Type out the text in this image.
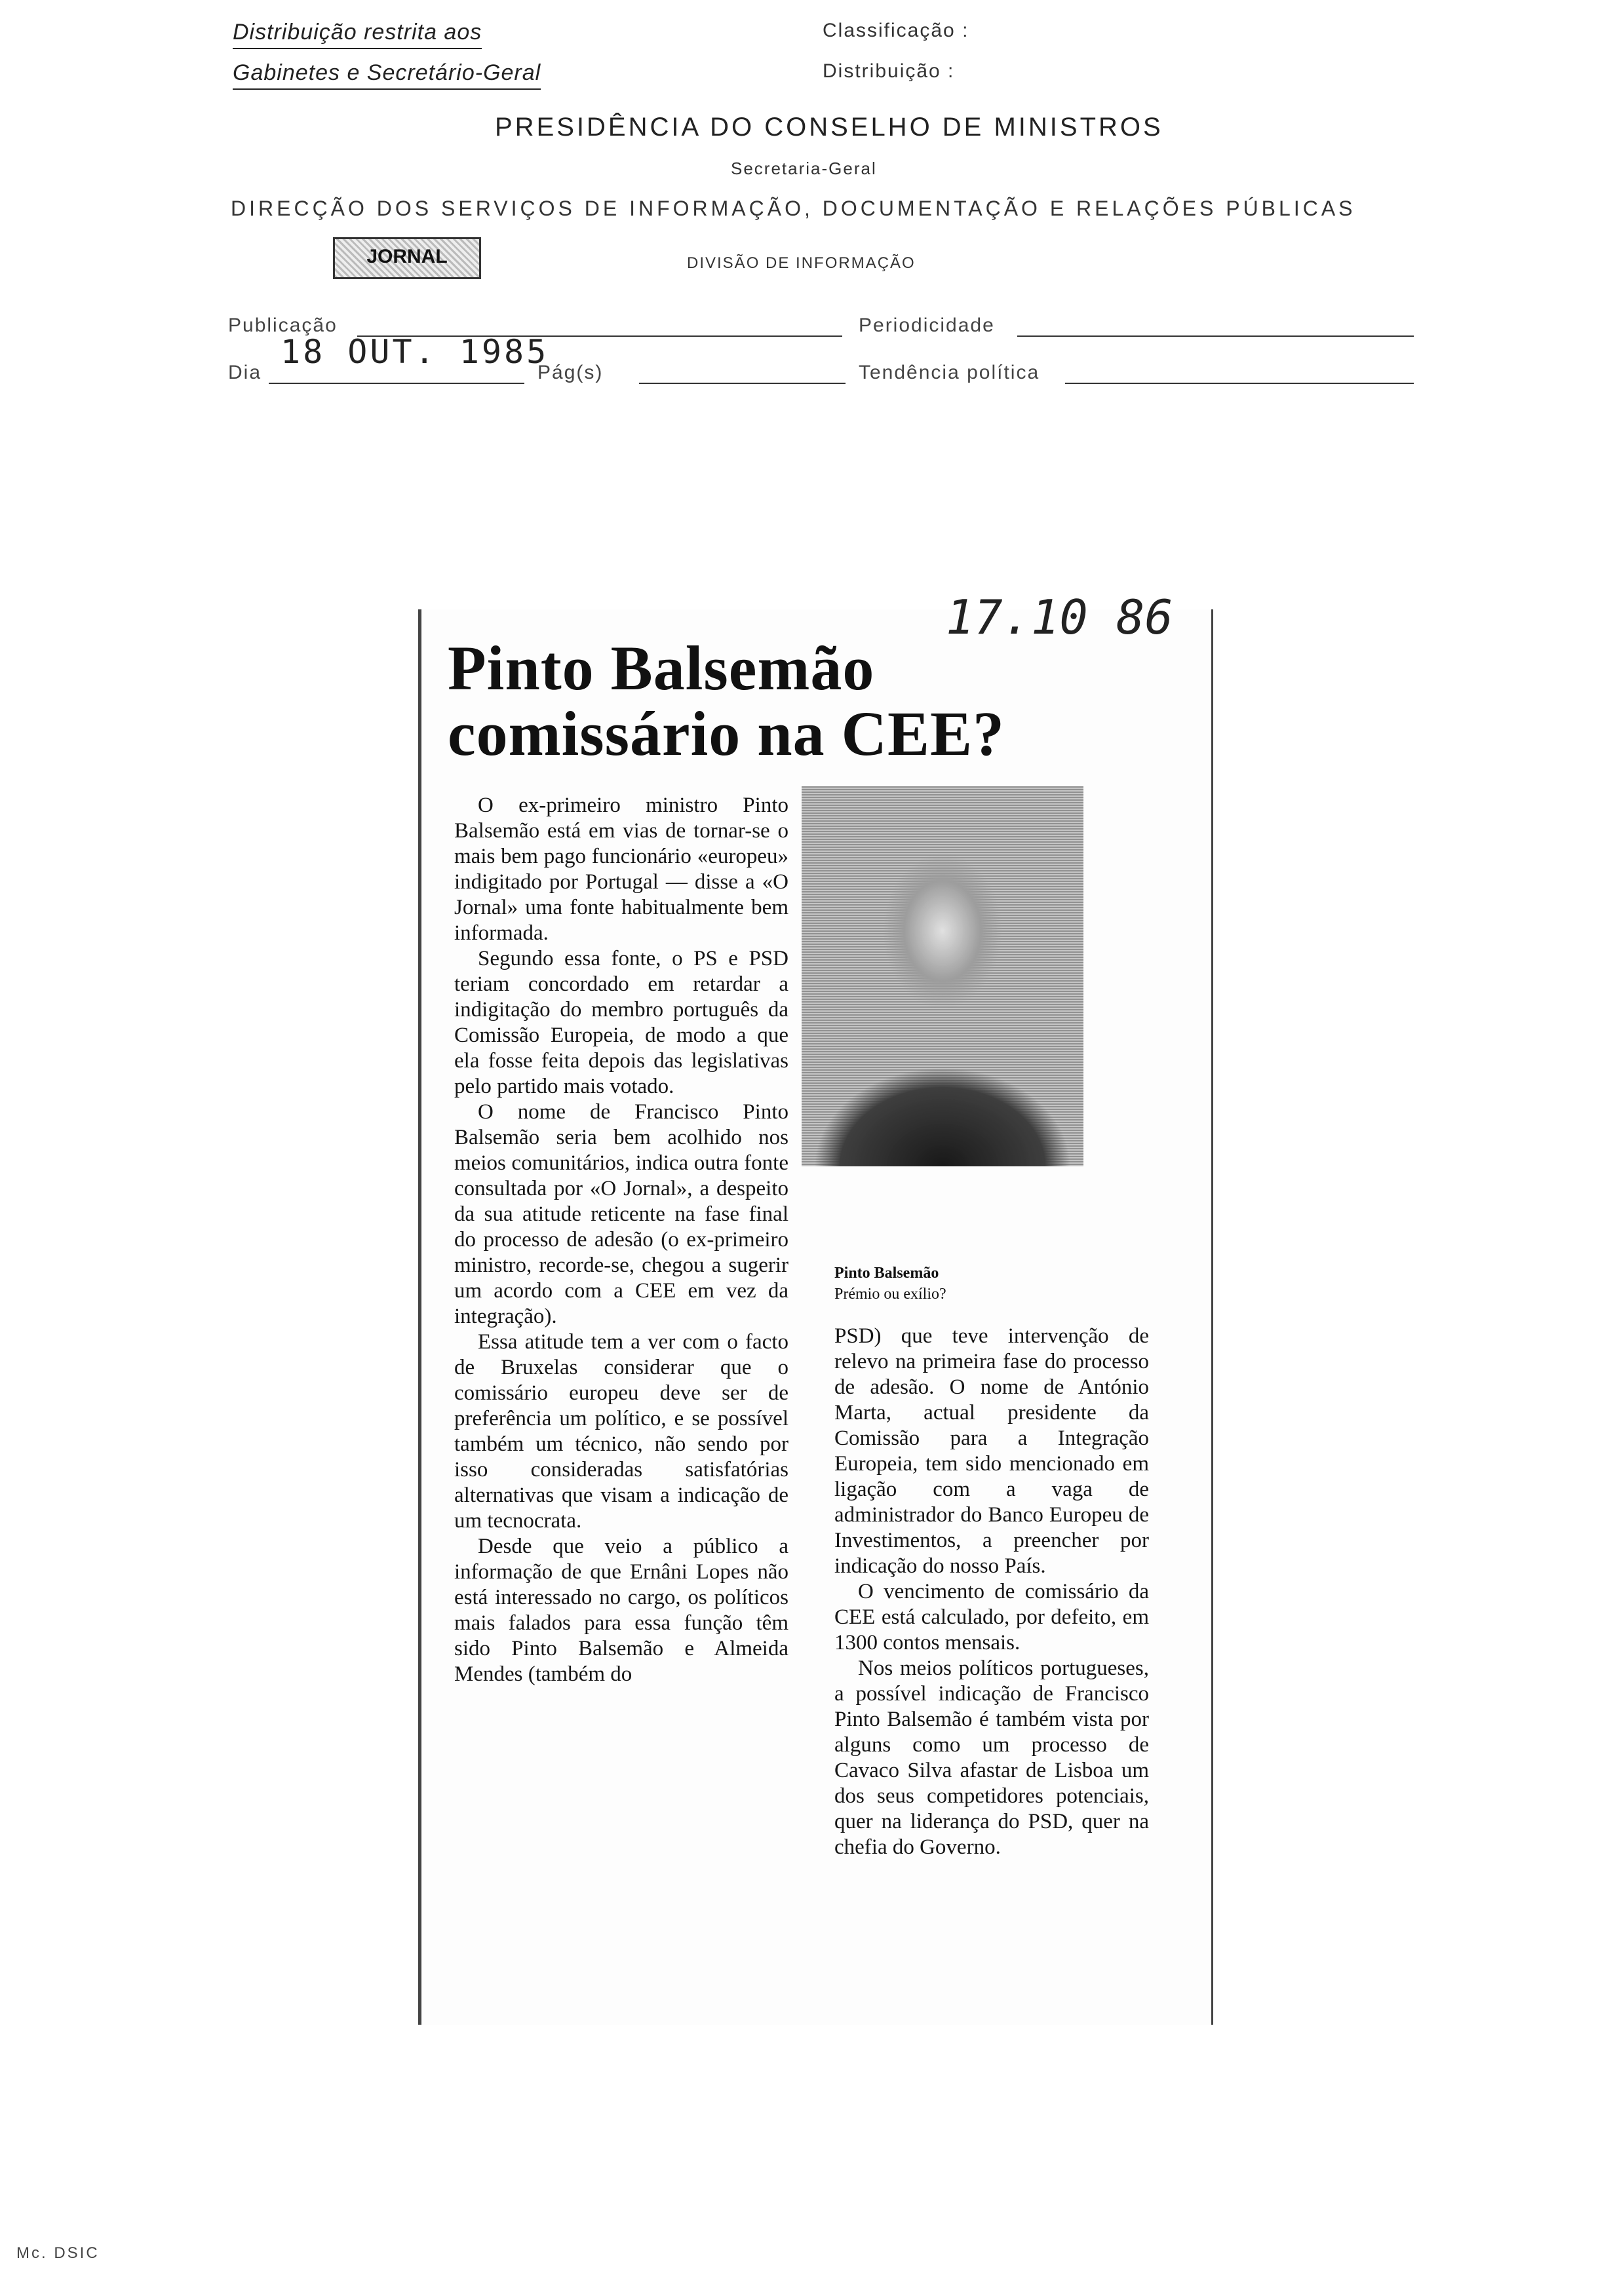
Distribuição restrita aos
Gabinetes e Secretário-Geral
Classificação :
Distribuição :
PRESIDÊNCIA DO CONSELHO DE MINISTROS
Secretaria-Geral
DIRECÇÃO DOS SERVIÇOS DE INFORMAÇÃO, DOCUMENTAÇÃO E RELAÇÕES PÚBLICAS
JORNAL	DIVISÃO DE INFORMAÇÃO
Publicação	Periodicidade
Dia
18 OUT. 1985
Pág(s)	Tendência política
Pinto Balsemão
comissário na CEE?
17.10 86
Pinto Balsemão
Prémio ou exílio?

O ex-primeiro ministro Pinto Balsemão está em vias de tornar-se o mais bem pago funcionário «europeu» indigitado por Portugal — disse a «O Jornal» uma fonte habitualmente bem informada.

Segundo essa fonte, o PS e PSD teriam concordado em retardar a indigitação do membro português da Comissão Europeia, de modo a que ela fosse feita depois das legislativas pelo partido mais votado.

O nome de Francisco Pinto Balsemão seria bem acolhido nos meios comunitários, indica outra fonte consultada por «O Jornal», a despeito da sua atitude reticente na fase final do processo de adesão (o ex-primeiro ministro, recorde-se, chegou a sugerir um acordo com a CEE em vez da integração).

Essa atitude tem a ver com o facto de Bruxelas considerar que o comissário europeu deve ser de preferência um político, e se possível também um técnico, não sendo por isso consideradas satisfatórias alternativas que visam a indicação de um tecnocrata.

Desde que veio a público a informação de que Ernâni Lopes não está interessado no cargo, os políticos mais falados para essa função têm sido Pinto Balsemão e Almeida Mendes (também do

PSD) que teve intervenção de relevo na primeira fase do processo de adesão. O nome de António Marta, actual presidente da Comissão para a Integração Europeia, tem sido mencionado em ligação com a vaga de administrador do Banco Europeu de Investimentos, a preencher por indicação do nosso País.

O vencimento de comissário da CEE está calculado, por defeito, em 1300 contos mensais.

Nos meios políticos portugueses, a possível indicação de Francisco Pinto Balsemão é também vista por alguns como um processo de Cavaco Silva afastar de Lisboa um dos seus competidores potenciais, quer na liderança do PSD, quer na chefia do Governo.

Mc. DSIC
